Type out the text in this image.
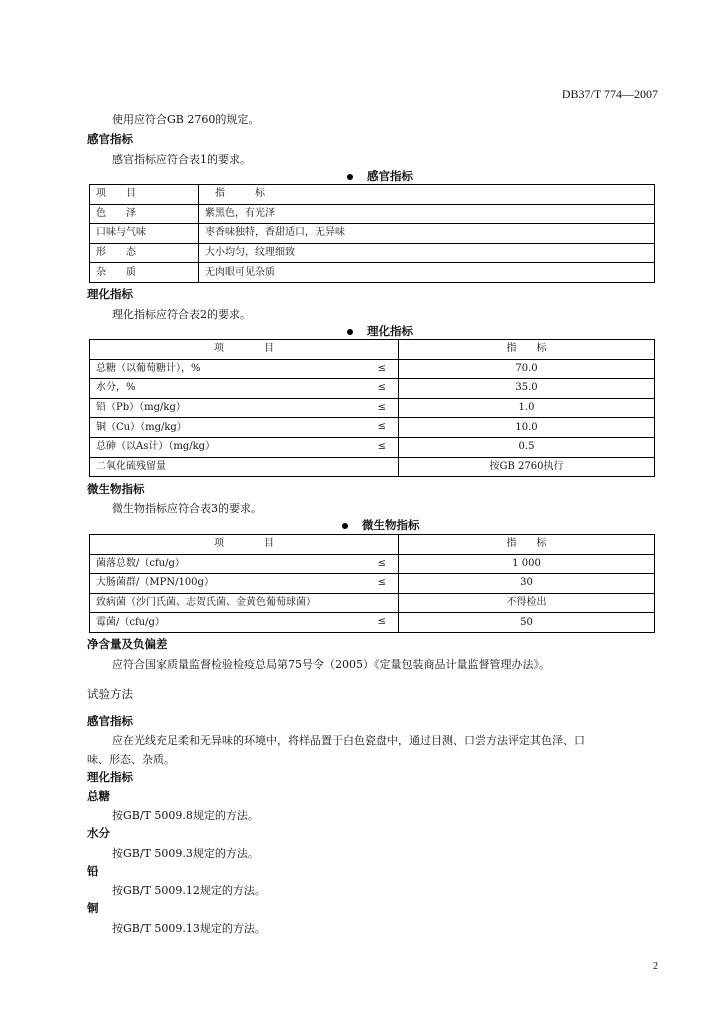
DB37/T 774—2007
使用应符合GB 2760的规定。
感官指标
感官指标应符合表1的要求。
感官指标
项　　目	指　　　标
色　　泽	紫黑色，有光泽
口味与气味	枣香味独特，香甜适口，无异味
形　　态	大小均匀，纹理细致
杂　　质	无肉眼可见杂质
理化指标
理化指标应符合表2的要求。
理化指标
项　　　　目	指　　标
总糖（以葡萄糖计），% ≤	70.0
水分，% ≤	35.0
铅（Pb）（mg/kg） ≤	1.0
铜（Cu）（mg/kg） ≤	10.0
总砷（以As计）（mg/kg） ≤	0.5
二氧化硫残留量	按GB 2760执行
微生物指标
微生物指标应符合表3的要求。
微生物指标
项　　　　目	指　　标
菌落总数/（cfu/g） ≤	1 000
大肠菌群/（MPN/100g） ≤	30
致病菌（沙门氏菌、志贺氏菌、金黄色葡萄球菌）	不得检出
霉菌/（cfu/g） ≤	50
净含量及负偏差
应符合国家质量监督检验检疫总局第75号令（2005）《定量包装商品计量监督管理办法》。
试验方法
感官指标
应在光线充足柔和无异味的环境中，将样品置于白色瓷盘中，通过目测、口尝方法评定其色泽、口
味、形态、杂质。
理化指标
总糖
按GB/T 5009.8规定的方法。
水分
按GB/T 5009.3规定的方法。
铅
按GB/T 5009.12规定的方法。
铜
按GB/T 5009.13规定的方法。
2
